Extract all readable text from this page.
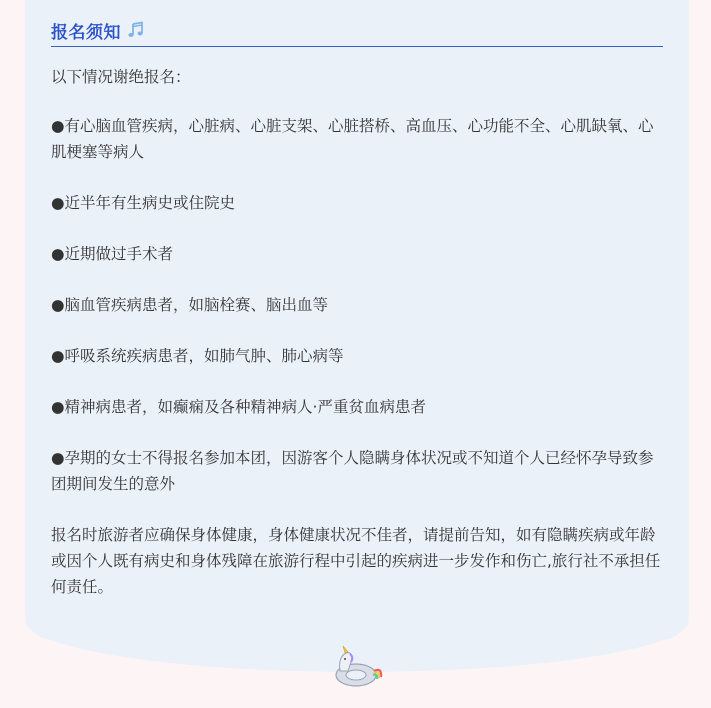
报名须知

以下情况谢绝报名：

●有心脑血管疾病，心脏病、心脏支架、心脏搭桥、高血压、心功能不全、心肌缺氧、心肌梗塞等病人

●近半年有生病史或住院史

●近期做过手术者

●脑血管疾病患者，如脑栓赛、脑出血等

●呼吸系统疾病患者，如肺气肿、肺心病等

●精神病患者，如癫痫及各种精神病人·严重贫血病患者

●孕期的女士不得报名参加本团，因游客个人隐瞒身体状况或不知道个人已经怀孕导致参团期间发生的意外

报名时旅游者应确保身体健康，身体健康状况不佳者，请提前告知，如有隐瞒疾病或年龄或因个人既有病史和身体残障在旅游行程中引起的疾病进一步发作和伤亡,旅行社不承担任何责任。
